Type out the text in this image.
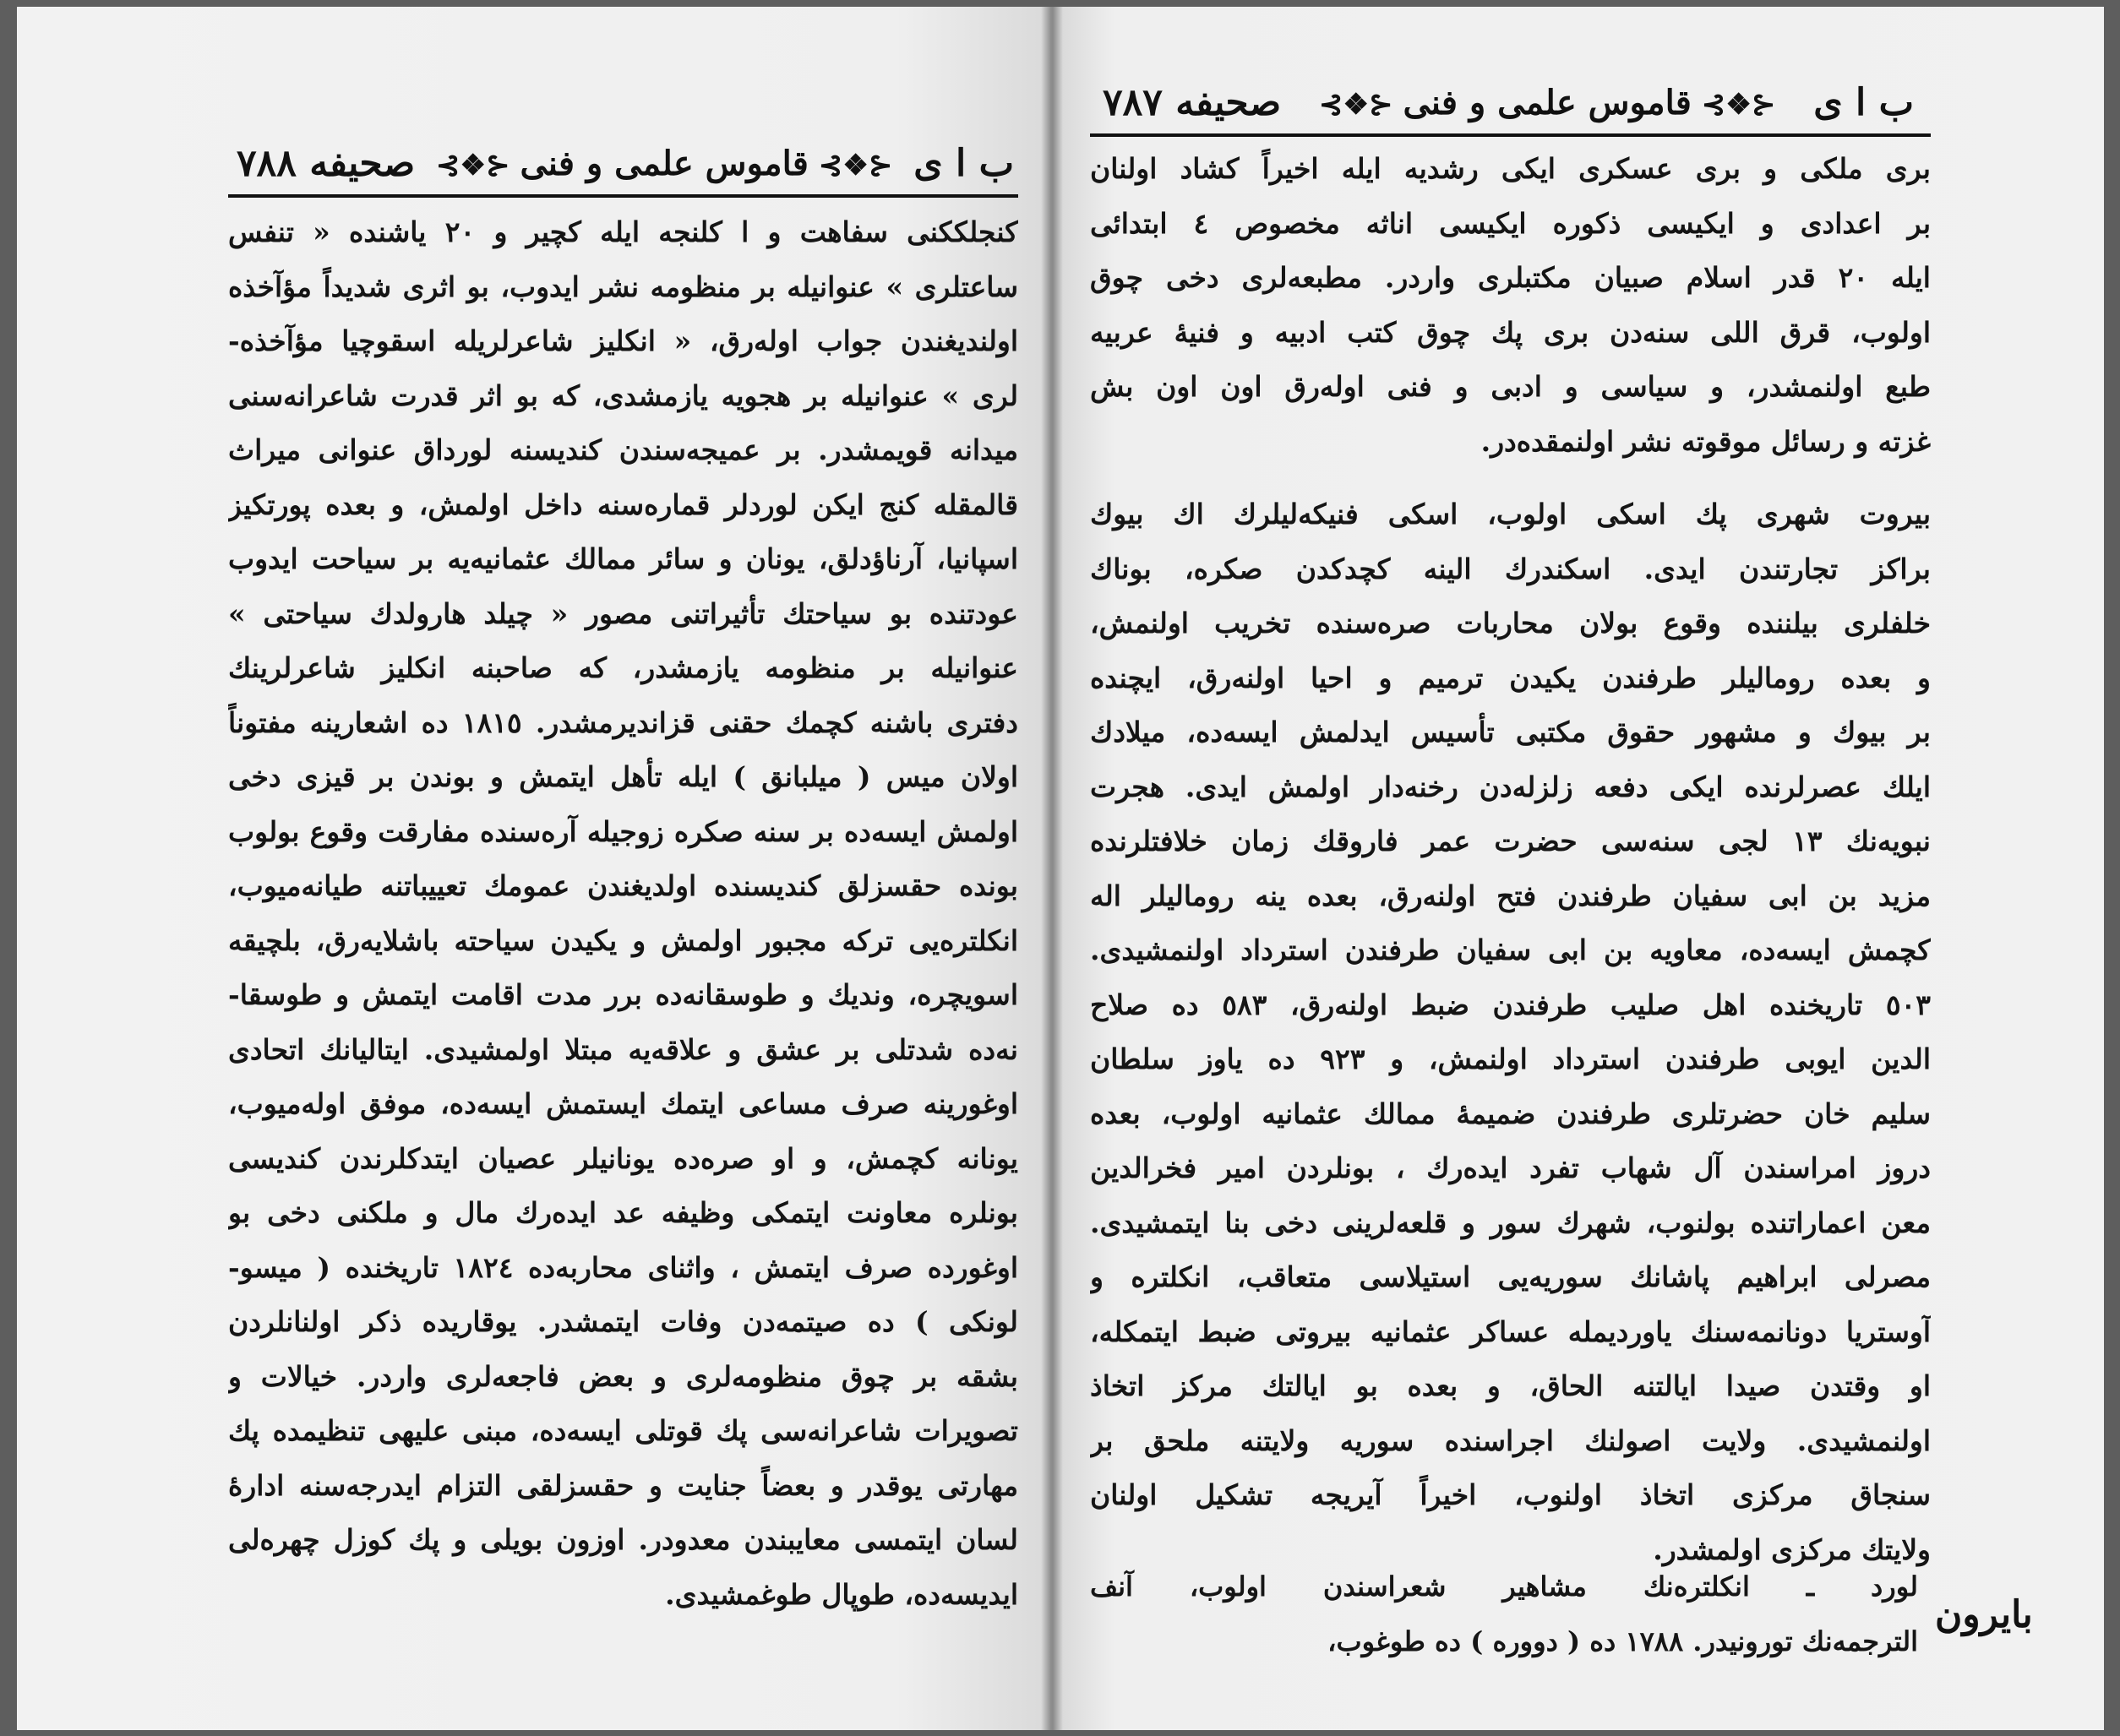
ب ا ى
⊰❖⊱قاموس علمى و فنى⊰❖⊱
صحيفه ٧٨٨
كنجلككنى سفاهت و ا كلنجه ايله كچير و ٢٠ ياشنده « تنفس
ساعتلرى » عنوانيله بر منظومه نشر ايدوب، بو اثرى شديداً مؤآخذه
اولنديغندن جواب اولەرق، « انكليز شاعرلريله اسقوچيا مؤآخذه-
لرى » عنوانيله بر هجويه يازمشدى، كه بو اثر قدرت شاعرانەسنى
ميدانه قويمشدر. بر عميجەسندن كنديسنه لورداق عنوانى ميراث
قالمقله كنج ايكن لوردلر قمارەسنه داخل اولمش، و بعده پورتكيز
اسپانيا، آرناؤدلق، يونان و سائر ممالك عثمانيەيه بر سياحت ايدوب
عودتنده بو سياحتك تأثيراتنى مصور « چيلد هارولدك سياحتى »
عنوانيله بر منظومه يازمشدر، كه صاحبنه انكليز شاعرلرينك
دفترى باشنه كچمك حقنى قزانديرمشدر. ١٨١٥ ده اشعارينه مفتوناً
اولان ميس ( ميلبانق ) ايله تأهل ايتمش و بوندن بر قيزى دخى
اولمش ايسەده بر سنه صكره زوجيله آرەسنده مفارقت وقوع بولوب
بونده حقسزلق كنديسنده اولديغندن عمومك تعييباتنه طيانەميوب،
انكلترەيى تركه مجبور اولمش و يكيدن سياحته باشلايەرق، بلچيقه
اسويچره، ونديك و طوسقانەده برر مدت اقامت ايتمش و طوسقا-
نەده شدتلى بر عشق و علاقەيه مبتلا اولمشيدى. ايتاليانك اتحادى
اوغورينه صرف مساعى ايتمك ايستمش ايسەده، موفق اولەميوب،
يونانه كچمش، و او صرەده يونانيلر عصيان ايتدكلرندن كنديسى
بونلره معاونت ايتمكى وظيفه عد ايدەرك مال و ملكنى دخى بو
اوغورده صرف ايتمش ، واثناى محاربەده ١٨٢٤ تاريخنده ( ميسو-
لونكى ) ده صيتمەدن وفات ايتمشدر. يوقاريده ذكر اولنانلردن
بشقه بر چوق منظومەلرى و بعض فاجعەلرى واردر. خيالات و
تصويرات شاعرانەسى پك قوتلى ايسەده، مبنى عليهى تنظيمده پك
مهارتى يوقدر و بعضاً جنايت و حقسزلقى التزام ايدرجەسنه ادارۀ
لسان ايتمسى معايبندن معدودر. اوزون بويلى و پك كوزل چهرەلى
ايديسەده، طوپال طوغمشيدى.
ب ا ى
⊰❖⊱قاموس علمى و فنى⊰❖⊱
صحيفه ٧٨٧
برى ملكى و برى عسكرى ايكى رشديه ايله اخيراً كشاد اولنان
بر اعدادى و ايكيسى ذكوره ايكيسى اناثه مخصوص ٤ ابتدائى
ايله ٢٠ قدر اسلام صبيان مكتبلرى واردر. مطبعەلرى دخى چوق
اولوب، قرق اللى سنەدن برى پك چوق كتب ادبيه و فنيۀ عربيه
طبع اولنمشدر، و سياسى و ادبى و فنى اولەرق اون اون بش
غزته و رسائل موقوته نشر اولنمقدەدر.
بيروت شهرى پك اسكى اولوب، اسكى فنيكەليلرك اك بيوك
براكز تجارتندن ايدى. اسكندرك الينه كچدكدن صكره، بوناك
خلفلرى بيلننده وقوع بولان محاربات صرەسنده تخريب اولنمش،
و بعده روماليلر طرفندن يكيدن ترميم و احيا اولنەرق، ايچنده
بر بيوك و مشهور حقوق مكتبى تأسيس ايدلمش ايسەده، ميلادك
ايلك عصرلرنده ايكى دفعه زلزلەدن رخنەدار اولمش ايدى. هجرت
نبويەنك ١٣ لجى سنەسى حضرت عمر فاروقك زمان خلافتلرنده
مزيد بن ابى سفيان طرفندن فتح اولنەرق، بعده ينه روماليلر اله
كچمش ايسەده، معاويه بن ابى سفيان طرفندن استرداد اولنمشيدى.
٥٠٣ تاريخنده اهل صليب طرفندن ضبط اولنەرق، ٥٨٣ ده صلاح
الدين ايوبى طرفندن استرداد اولنمش، و ٩٢٣ ده ياوز سلطان
سليم خان حضرتلرى طرفندن ضميمۀ ممالك عثمانيه اولوب، بعده
دروز امراسندن آل شهاب تفرد ايدەرك ، بونلردن امير فخرالدين
معن اعماراتنده بولنوب، شهرك سور و قلعەلرينى دخى بنا ايتمشيدى.
مصرلى ابراهيم پاشانك سوريەيى استيلاسى متعاقب، انكلترە و
آوستريا دونانمەسنك ياورديمله عساكر عثمانيه بيروتى ضبط ايتمكله،
او وقتدن صيدا ايالتنه الحاق، و بعده بو ايالتك مركز اتخاذ
اولنمشيدى. ولايت اصولنك اجراسنده سوريه ولايتنه ملحق بر
سنجاق مركزى اتخاذ اولنوب، اخيراً آيريجه تشكيل اولنان
ولايتك مركزى اولمشدر.
بايرون
لورد ـ انكلترەنك مشاهير شعراسندن اولوب، آنف
الترجمەنك تورونيدر. ١٧٨٨ ده ( دووره ) ده طوغوب،
